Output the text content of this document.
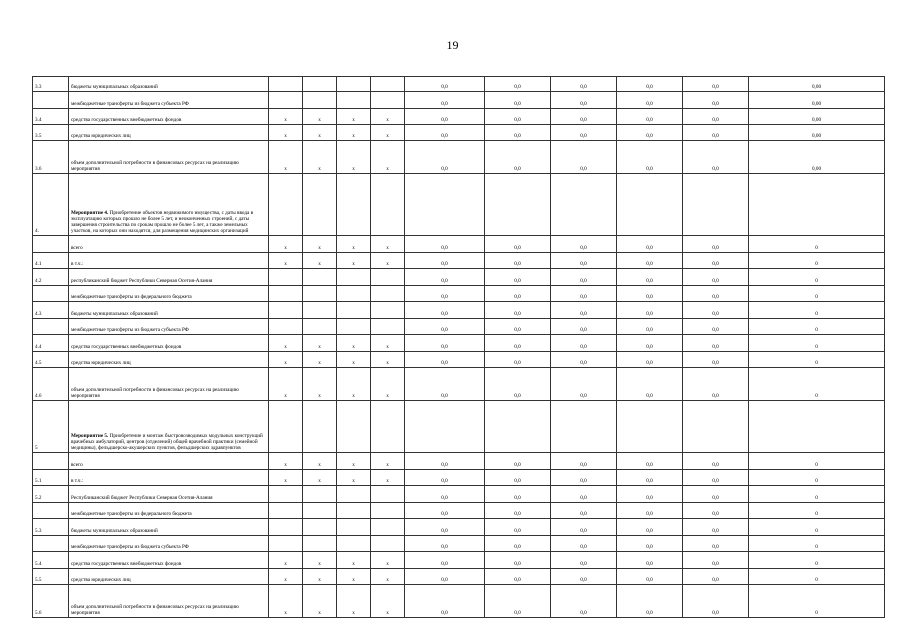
19
3.3	бюджеты муниципальных образований					0,0	0,0	0,0	0,0	0,0	0,00
	межбюджетные трансферты из бюджета субъекта РФ					0,0	0,0	0,0	0,0	0,0	0,00
3.4	средства государственных внебюджетных фондов	х	х	х	х	0,0	0,0	0,0	0,0	0,0	0,00
3.5	средства юридических лиц	х	х	х	х	0,0	0,0	0,0	0,0	0,0	0,00
3.6	объем дополнительной потребности в финансовых ресурсах на реализацию мероприятия	х	х	х	х	0,0	0,0	0,0	0,0	0,0	0,00
4.	Мероприятие 4. Приобретение объектов недвижимого имущества, с даты ввода в эксплуатацию которых прошло не более 5 лет, и неоконченных строений, с даты завершения строительства по срокам прошло не более 5 лет, а также земельных участков, на которых они находятся, для размещения медицинских организаций										
	всего	х	х	х	х	0,0	0,0	0,0	0,0	0,0	0
4.1	в т.ч.:	х	х	х	х	0,0	0,0	0,0	0,0	0,0	0
4.2	республиканский бюджет Республики Северная Осетия-Алания					0,0	0,0	0,0	0,0	0,0	0
	межбюджетные трансферты из федерального бюджета					0,0	0,0	0,0	0,0	0,0	0
4.3	бюджеты муниципальных образований					0,0	0,0	0,0	0,0	0,0	0
	межбюджетные трансферты из бюджета субъекта РФ					0,0	0,0	0,0	0,0	0,0	0
4.4	средства государственных внебюджетных фондов	х	х	х	х	0,0	0,0	0,0	0,0	0,0	0
4.5	средства юридических лиц	х	х	х	х	0,0	0,0	0,0	0,0	0,0	0
4.6	объем дополнительной потребности в финансовых ресурсах на реализацию мероприятия	х	х	х	х	0,0	0,0	0,0	0,0	0,0	0
5	Мероприятие 5. Приобретение и монтаж быстровозводимых модульных конструкций врачебных амбулаторий, центров (отделений) общей врачебной практики (семейной медицины), фельдшерско-акушерских пунктов, фельдшерских здравпунктов										
	всего	х	х	х	х	0,0	0,0	0,0	0,0	0,0	0
5.1	в т.ч.:	х	х	х	х	0,0	0,0	0,0	0,0	0,0	0
5.2	Республиканский бюджет Республики Северная Осетия-Алания					0,0	0,0	0,0	0,0	0,0	0
	межбюджетные трансферты из федерального бюджета					0,0	0,0	0,0	0,0	0,0	0
5.3	бюджеты муниципальных образований					0,0	0,0	0,0	0,0	0,0	0
	межбюджетные трансферты из бюджета субъекта РФ					0,0	0,0	0,0	0,0	0,0	0
5.4	средства государственных внебюджетных фондов	х	х	х	х	0,0	0,0	0,0	0,0	0,0	0
5.5	средства юридических лиц	х	х	х	х	0,0	0,0	0,0	0,0	0,0	0
5.6	объем дополнительной потребности в финансовых ресурсах на реализацию мероприятия	х	х	х	х	0,0	0,0	0,0	0,0	0,0	0
